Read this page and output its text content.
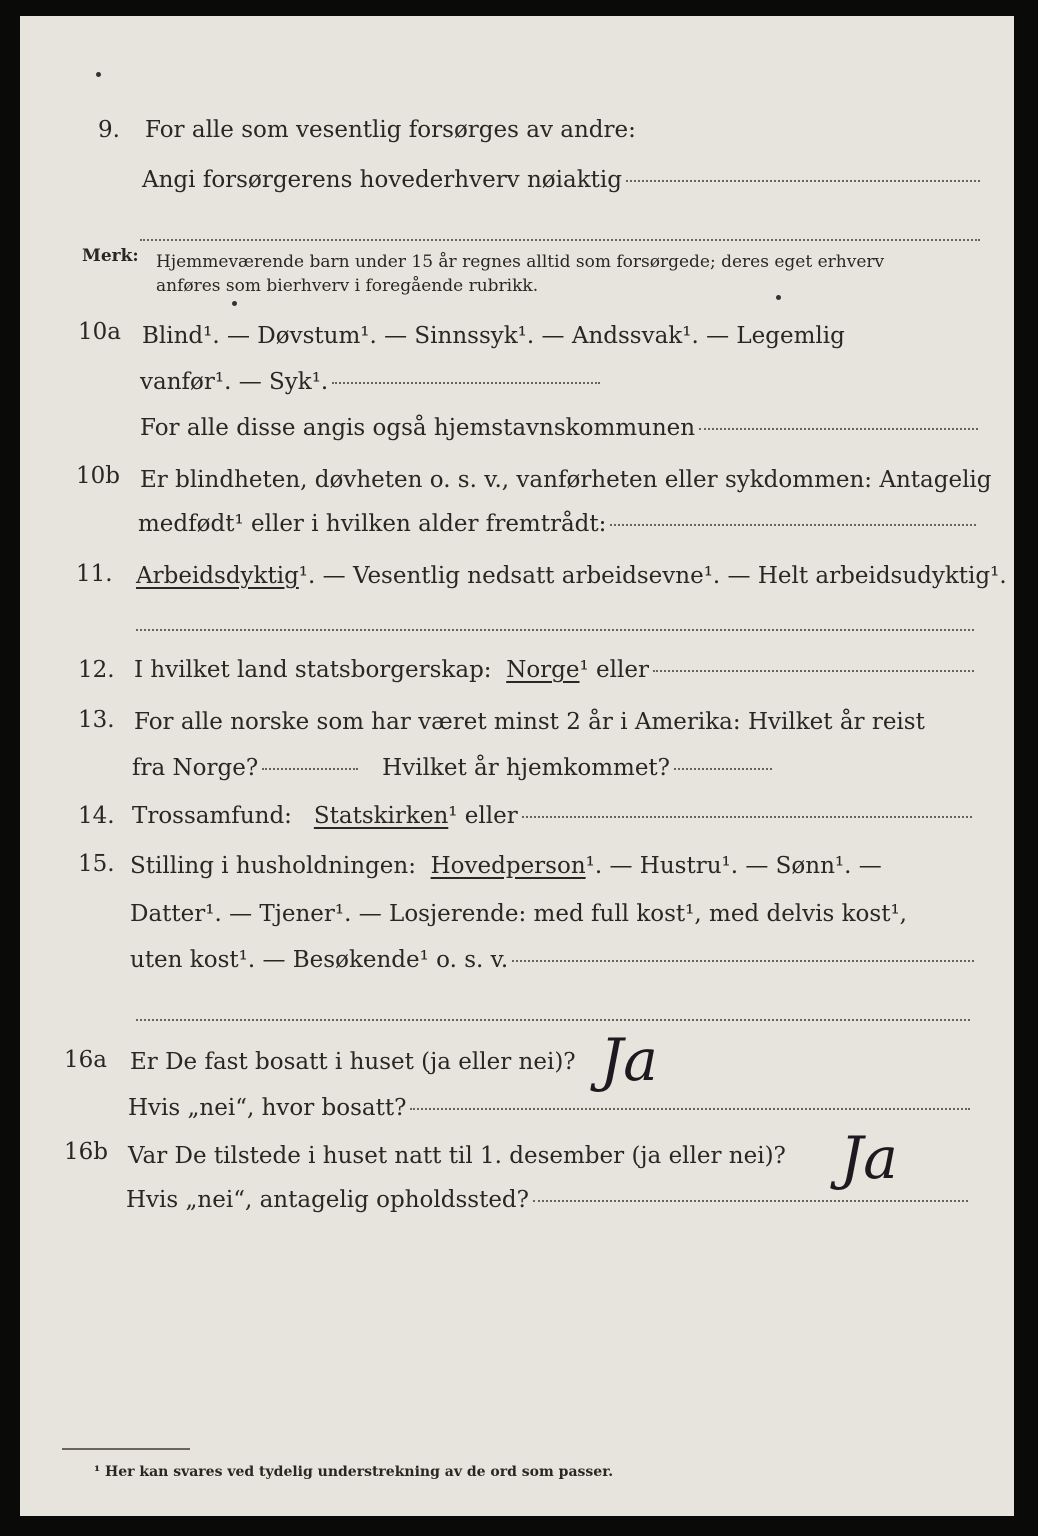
9. For alle som vesentlig forsørges av andre:
Angi forsørgerens hovederhverv nøiaktig
Merk: Hjemmeværende barn under 15 år regnes alltid som forsørgede; deres eget erhverv
anføres som bierhverv i foregående rubrikk.
10a Blind¹. — Døvstum¹. — Sinnssyk¹. — Andssvak¹. — Legemlig
vanfør¹. — Syk¹.
For alle disse angis også hjemstavnskommunen
10b Er blindheten, døvheten o. s. v., vanførheten eller sykdommen: Antagelig
medfødt¹ eller i hvilken alder fremtrådt:
11. Arbeidsdyktig ¹. — Vesentlig nedsatt arbeidsevne¹. — Helt arbeidsudyktig¹.
12. I hvilket land statsborgerskap:
Norge ¹ eller
13. For alle norske som har været minst 2 år i Amerika: Hvilket år reist
fra Norge?	Hvilket år hjemkommet?
14. Trossamfund:
Statskirken ¹ eller
15. Stilling i husholdningen:
Hovedperson ¹. — Hustru¹. — Sønn¹. —
Datter¹. — Tjener¹. — Losjerende: med full kost¹, med delvis kost¹,
uten kost¹. — Besøkende¹ o. s. v.
16a Er De fast bosatt i huset (ja eller nei)? Ja
Hvis „nei“, hvor bosatt?
16b Var De tilstede i huset natt til 1. desember (ja eller nei)? Ja
Hvis „nei“, antagelig opholdssted?
¹ Her kan svares ved tydelig understrekning av de ord som passer.
